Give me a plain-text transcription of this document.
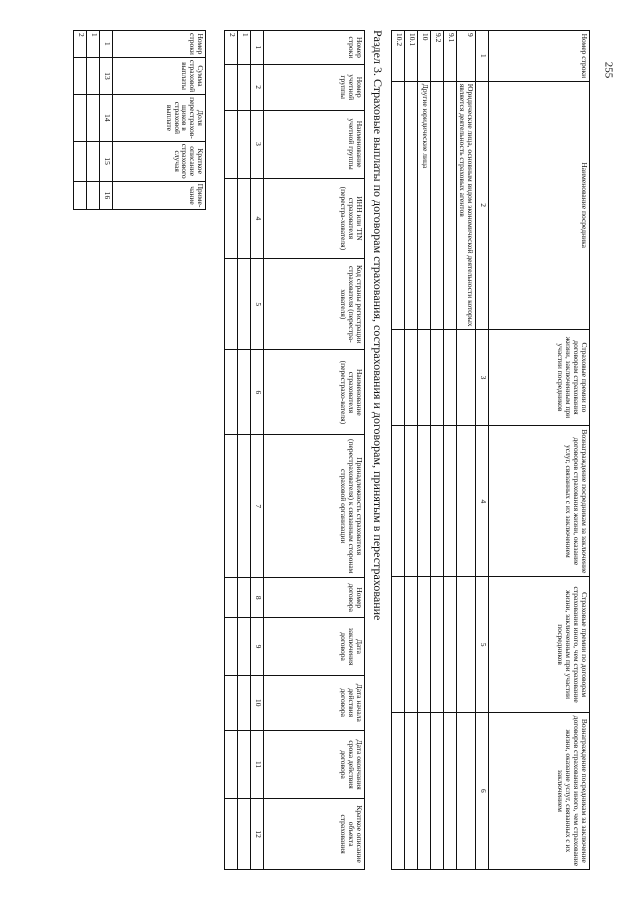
255
Номер строки	Наименование посредника	Страховые премии по договорам страхования жизни, заключенным при участии посредников	Вознаграждение посредникам за заключение договоров страхования жизни, оказание услуг, связанных с их заключением	Страховые премии по договорам страхования иного, чем страхование жизни, заключенным при участии посредников	Вознаграждение посредникам за заключение договоров страхования иного, чем страхование жизни, оказание услуг, связанных с их заключением
1	2	3	4	5	6
9	Юридические лица, основным видом экономической деятельности которых является деятельность страховых агентов				
9.1					
9.2					
10	Другие юридические лица				
10.1					
10.2					
Раздел 3. Страховые выплаты по договорам страхования, сострахования и договорам, принятым в перестрахование
Номер строки	Номер учетной группы	Наименование учетной группы	ИНН или TIN страхователя (перестра-хователя)	Код страны регистрации страхователя (перестра-хователя)	Наименование страхователя (перестрахо-вателя)	Принадлежность страхователя (перестрахователя) к связанным сторонам страховой организации	Номер договора	Дата заключения договора	Дата начала действия договора	Дата окончания срока действия договора	Краткое описание объекта страхования
1	2	3	4	5	6	7	8	9	10	11	12
1											
2											
Номер строки	Сумма страховой выплаты	Доля перестрахов-щиков в страховой выплате	Краткое описание страхового случая	Приме-чание
1	13	14	15	16
1				
2				
